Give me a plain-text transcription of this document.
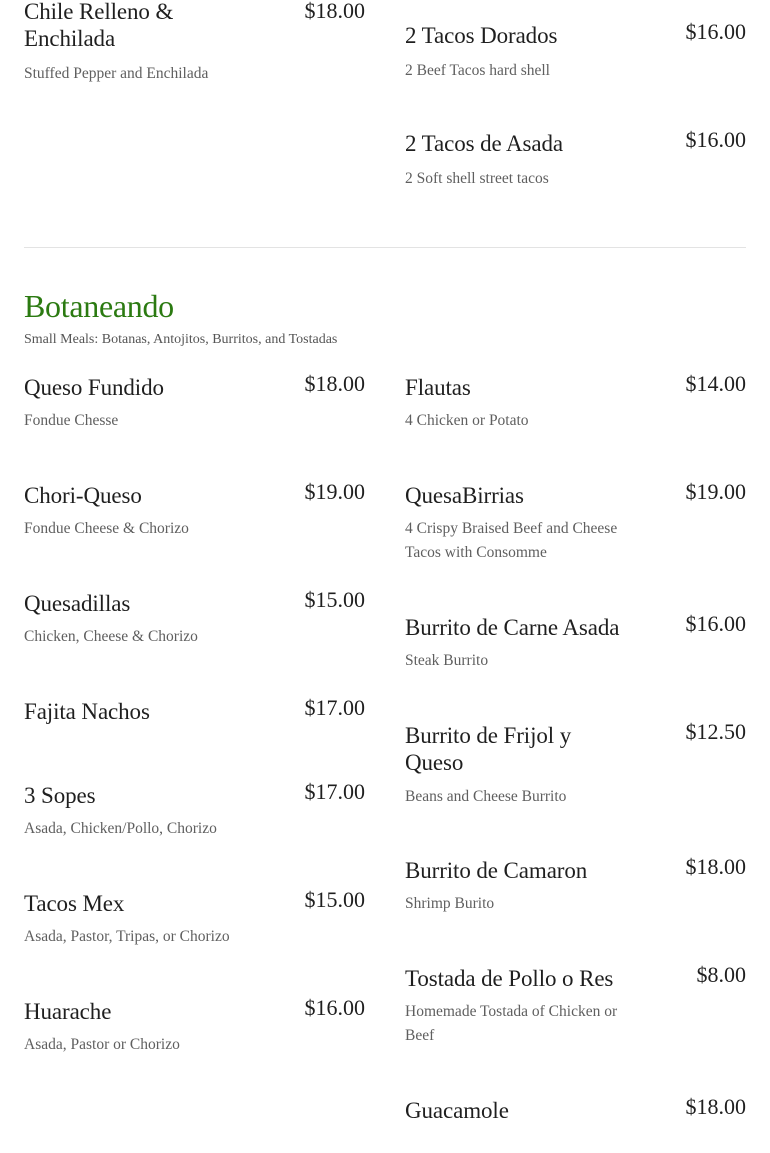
Chile Relleno & Enchilada
$18.00
Stuffed Pepper and Enchilada
2 Tacos Dorados	$16.00
2 Beef Tacos hard shell
2 Tacos de Asada	$16.00
2 Soft shell street tacos
Botaneando
Small Meals: Botanas, Antojitos, Burritos, and Tostadas
Queso Fundido	$18.00
Fondue Chesse
Chori-Queso	$19.00
Fondue Cheese & Chorizo
Quesadillas	$15.00
Chicken, Cheese & Chorizo
Fajita Nachos	$17.00
3 Sopes	$17.00
Asada, Chicken/Pollo, Chorizo
Tacos Mex	$15.00
Asada, Pastor, Tripas, or Chorizo
Huarache	$16.00
Asada, Pastor or Chorizo
Flautas	$14.00
4 Chicken or Potato
QuesaBirrias	$19.00
4 Crispy Braised Beef and Cheese Tacos with Consomme
Burrito de Carne Asada	$16.00
Steak Burrito
Burrito de Frijol y Queso
$12.50
Beans and Cheese Burrito
Burrito de Camaron	$18.00
Shrimp Burito
Tostada de Pollo o Res	$8.00
Homemade Tostada of Chicken or Beef
Guacamole	$18.00
